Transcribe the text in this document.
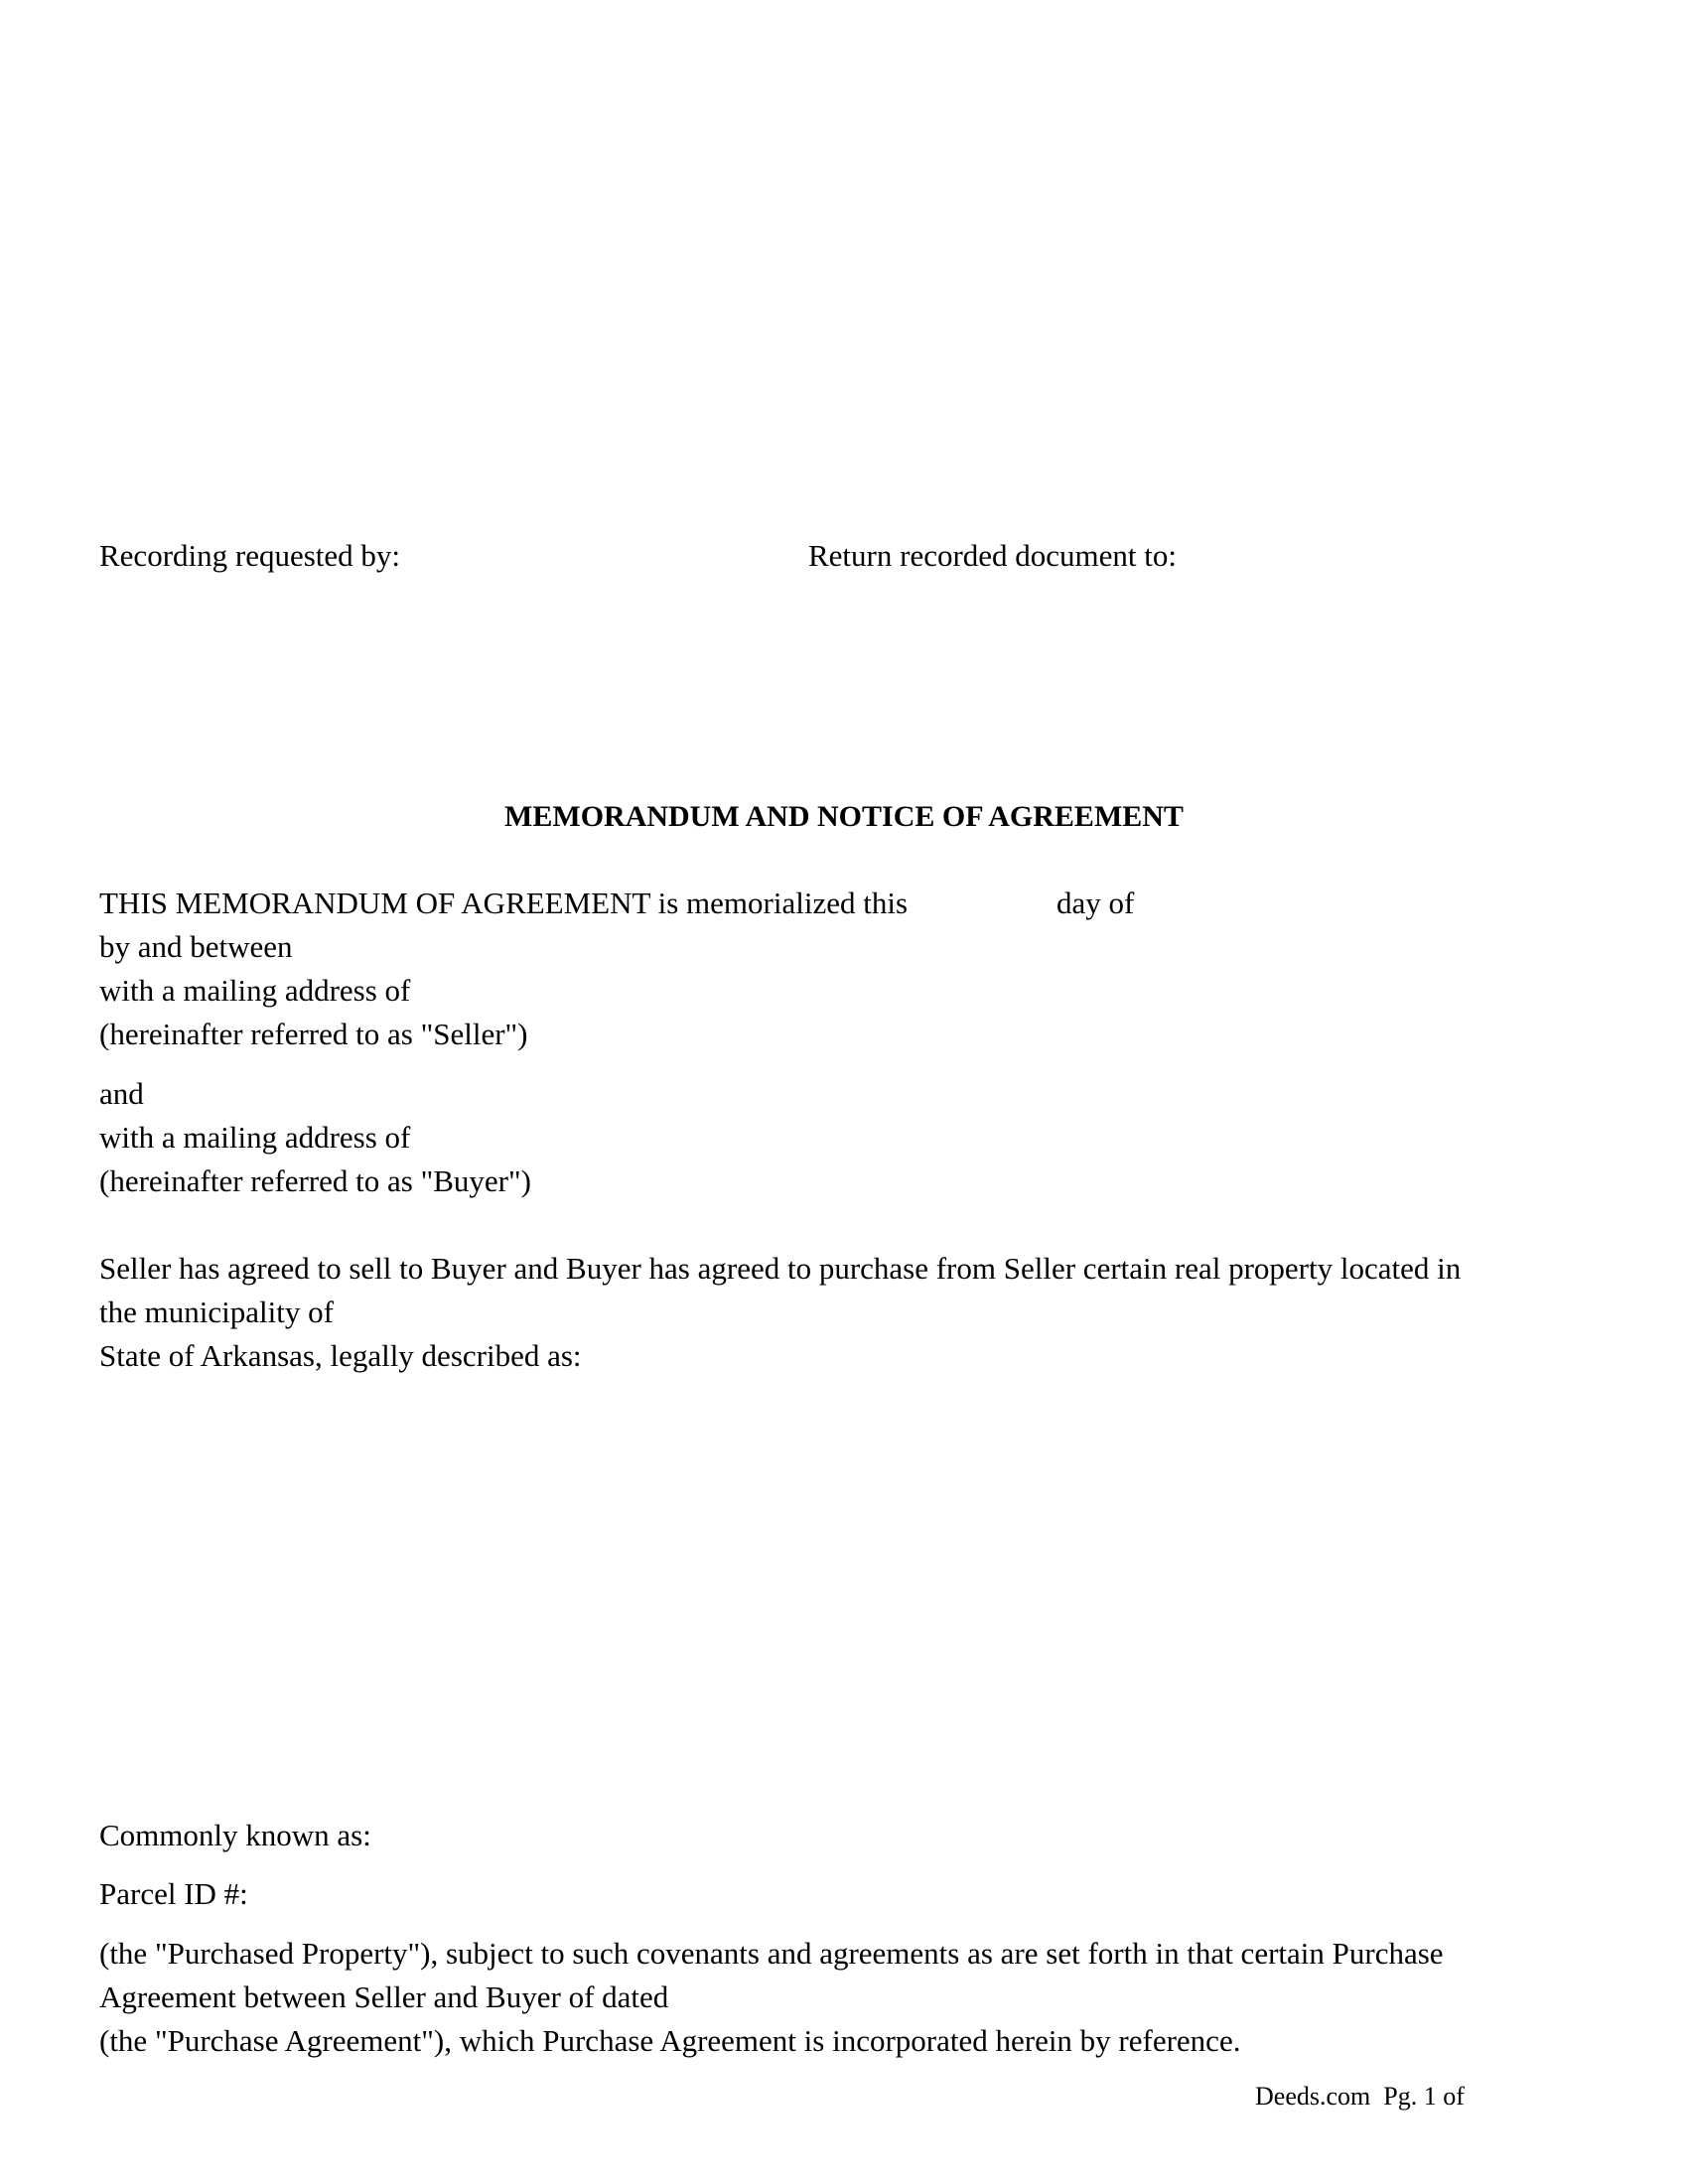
Recording requested by:	Return recorded document to:
MEMORANDUM AND NOTICE OF AGREEMENT
THIS MEMORANDUM OF AGREEMENT is memorialized this	day of
by and between
with a mailing address of
(hereinafter referred to as "Seller")
and
with a mailing address of
(hereinafter referred to as "Buyer")
Seller has agreed to sell to Buyer and Buyer has agreed to purchase from Seller certain real property located in
the municipality of
State of Arkansas, legally described as:
Commonly known as:
Parcel ID #:
(the "Purchased Property"), subject to such covenants and agreements as are set forth in that certain Purchase
Agreement between Seller and Buyer of dated
(the "Purchase Agreement"), which Purchase Agreement is incorporated herein by reference.
Deeds.com  Pg. 1 of
